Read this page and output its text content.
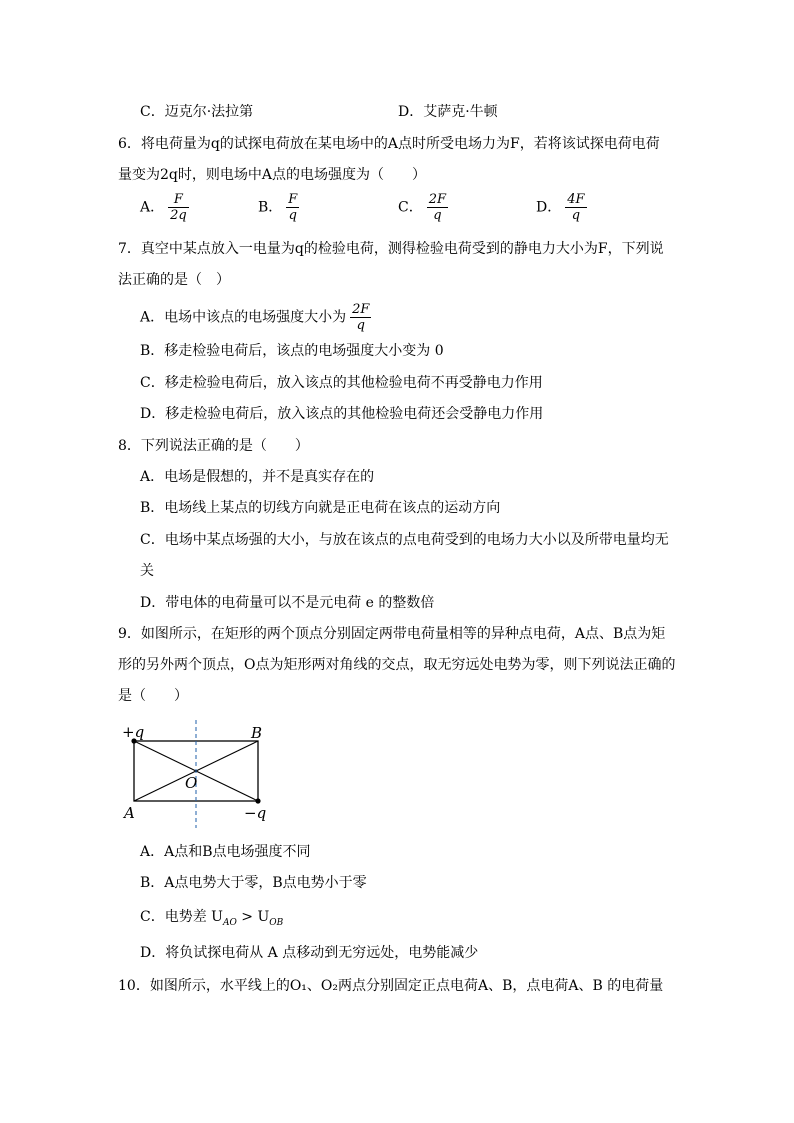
C．迈克尔·法拉第	D．艾萨克·牛顿
6．将电荷量为q的试探电荷放在某电场中的A点时所受电场力为F，若将该试探电荷电荷
量变为2q时，则电场中A点的电场强度为（　　）
A． $\frac{F}{2q}$	B． $\frac{F}{q}$	C． $\frac{2F}{q}$	D． $\frac{4F}{q}$
7．真空中某点放入一电量为q的检验电荷，测得检验电荷受到的静电力大小为F，下列说
法正确的是（　）
A．电场中该点的电场强度大小为 $\frac{2F}{q}$
B．移走检验电荷后，该点的电场强度大小变为 0
C．移走检验电荷后，放入该点的其他检验电荷不再受静电力作用
D．移走检验电荷后，放入该点的其他检验电荷还会受静电力作用
8．下列说法正确的是（　　）
A．电场是假想的，并不是真实存在的
B．电场线上某点的切线方向就是正电荷在该点的运动方向
C．电场中某点场强的大小，与放在该点的点电荷受到的电场力大小以及所带电量均无
关
D．带电体的电荷量可以不是元电荷 e 的整数倍
9．如图所示，在矩形的两个顶点分别固定两带电荷量相等的异种点电荷，A点、B点为矩
形的另外两个顶点，O点为矩形两对角线的交点，取无穷远处电势为零，则下列说法正确的
是（　　）
+q	B
O
A	−q
A．A点和B点电场强度不同
B．A点电势大于零，B点电势小于零
C．电势差 $U_{AO} > U_{OB}$
D．将负试探电荷从 A 点移动到无穷远处，电势能减少
10．如图所示，水平线上的O₁、O₂两点分别固定正点电荷A、B，点电荷A、B 的电荷量
